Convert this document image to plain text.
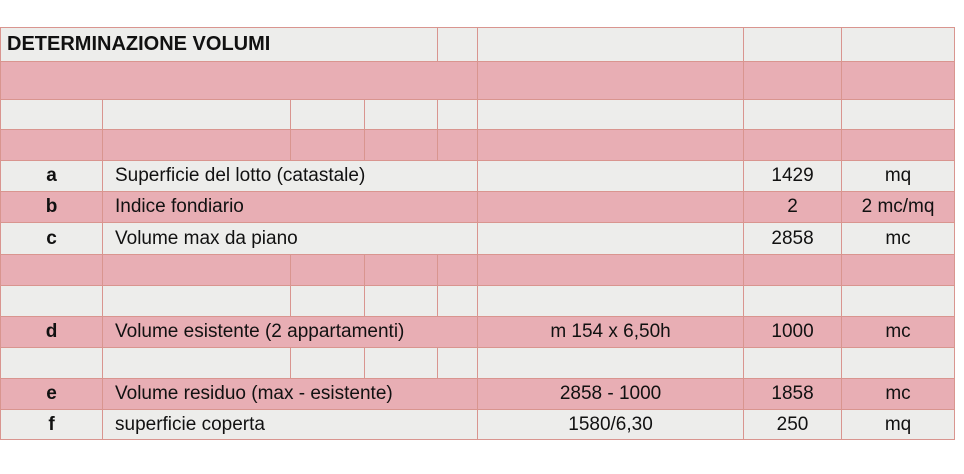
DETERMINAZIONE VOLUMI							

a	Superficie del lotto (catastale)					1429	mq
b	Indice fondiario					2	2 mc/mq
c	Volume max da piano					2858	mc

d	Volume esistente (2 appartamenti)				m 154 x 6,50h	1000	mc

e	Volume residuo (max - esistente)				2858 - 1000	1858	mc
f	superficie coperta				1580/6,30	250	mq
